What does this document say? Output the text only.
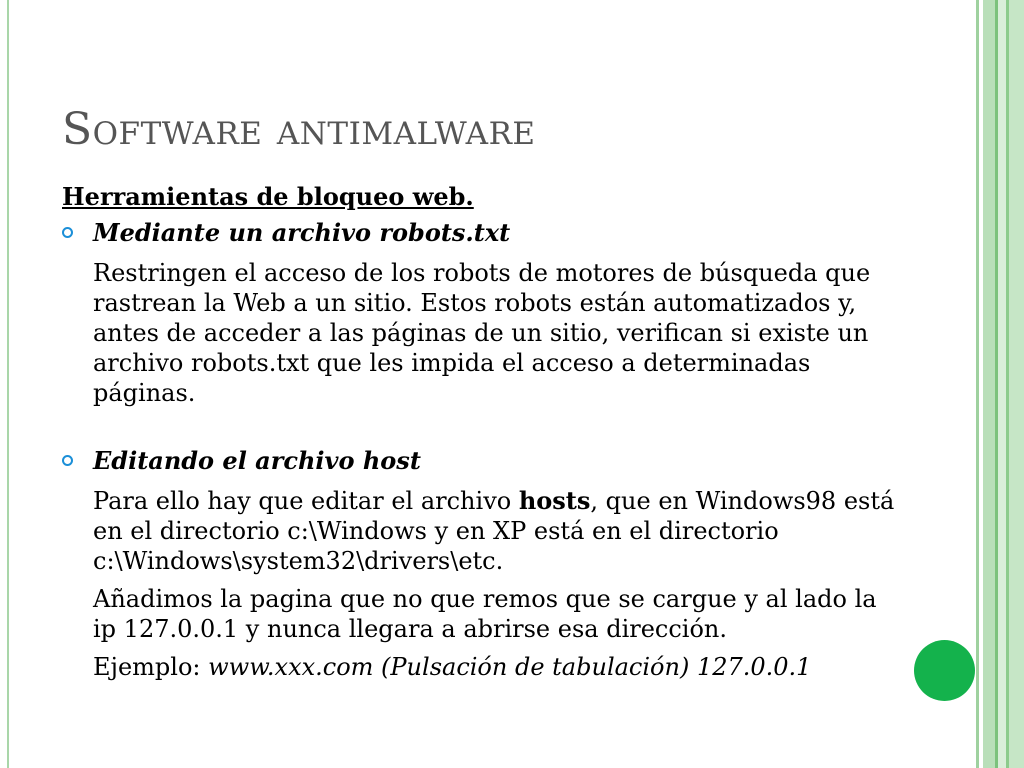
Software antimalware
Herramientas de bloqueo web.
Mediante un archivo robots.txt
Restringen el acceso de los robots de motores de búsqueda que rastrean la Web a un sitio. Estos robots están automatizados y, antes de acceder a las páginas de un sitio, verifican si existe un archivo robots.txt que les impida el acceso a determinadas páginas.
Editando el archivo host
Para ello hay que editar el archivo hosts, que en Windows98 está en el directorio c:\Windows y en XP está en el directorio c:\Windows\system32\drivers\etc.
Añadimos la pagina que no que remos que se cargue y al lado la ip 127.0.0.1 y nunca llegara a abrirse esa dirección.
Ejemplo: www.xxx.com (Pulsación de tabulación) 127.0.0.1
